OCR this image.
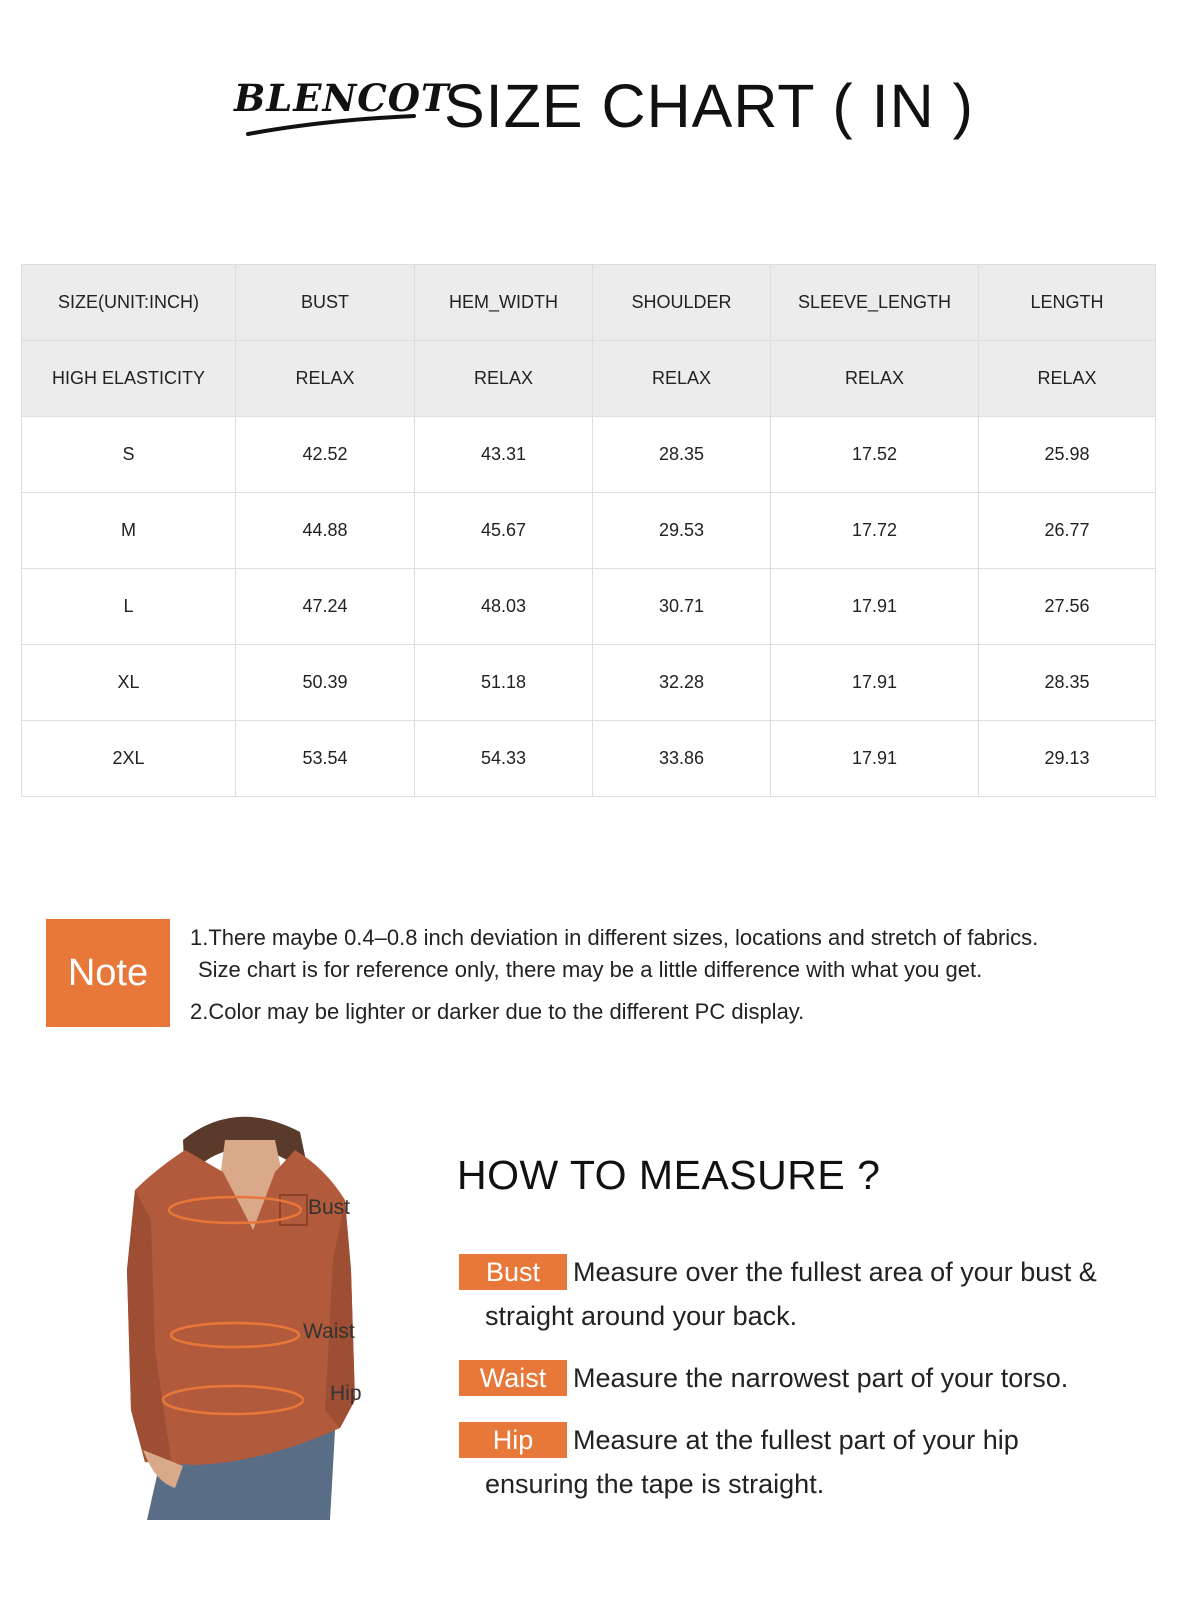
BLENCOT
SIZE CHART ( IN )
SIZE(UNIT:INCH)	BUST	HEM_WIDTH	SHOULDER	SLEEVE_LENGTH	LENGTH
HIGH ELASTICITY	RELAX	RELAX	RELAX	RELAX	RELAX
S	42.52	43.31	28.35	17.52	25.98
M	44.88	45.67	29.53	17.72	26.77
L	47.24	48.03	30.71	17.91	27.56
XL	50.39	51.18	32.28	17.91	28.35
2XL	53.54	54.33	33.86	17.91	29.13
Note
1.There maybe 0.4–0.8 inch deviation in different sizes, locations and stretch of fabrics.
Size chart is for reference only, there may be a little difference with what you get.
2.Color may be lighter or darker due to the different PC display.
Bust
Waist
Hip
HOW TO MEASURE ?
Bust Measure over the fullest area of your bust &
straight around your back.
Waist Measure the narrowest part of your torso.
Hip Measure at the fullest part of your hip
ensuring the tape is straight.
